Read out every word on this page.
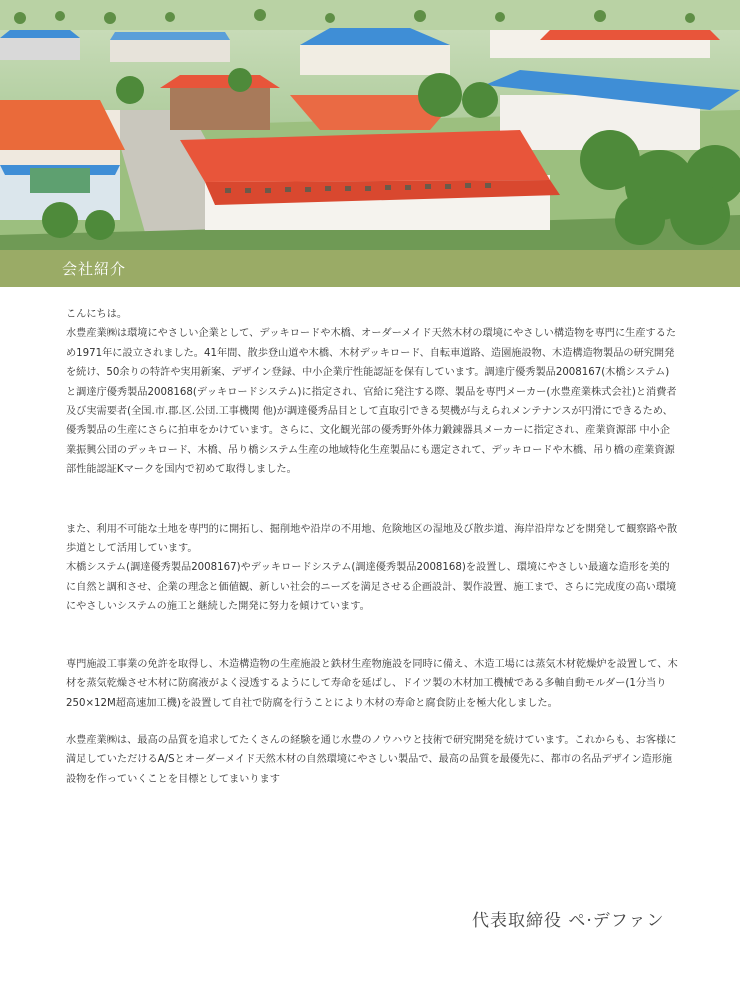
会社紹介

こんにちは。
水豊産業㈱は環境にやさしい企業として、デッキロードや木橋、オーダーメイド天然木材の環境にやさしい構造物を専門に生産するため1971年に設立されました。41年間、散歩登山道や木橋、木材デッキロード、自転車道路、造園施設物、木造構造物製品の研究開発を続け、50余りの特許や実用新案、デザイン登録、中小企業庁性能認証を保有しています。調達庁優秀製品2008167(木橋システム)と調達庁優秀製品2008168(デッキロードシステム)に指定され、官給に発注する際、製品を専門メーカー(水豊産業株式会社)と消費者及び実需要者(全国.市.郡.区.公団.工事機関 他)が調達優秀品目として直取引できる契機が与えられメンテナンスが円滑にできるため、優秀製品の生産にさらに拍車をかけています。さらに、文化観光部の優秀野外体力鍛錬器具メーカーに指定され、産業資源部 中小企業振興公団のデッキロード、木橋、吊り橋システム生産の地域特化生産製品にも選定されて、デッキロードや木橋、吊り橋の産業資源部性能認証Kマークを国内で初めて取得しました。

また、利用不可能な土地を専門的に開拓し、掘削地や沿岸の不用地、危険地区の湿地及び散歩道、海岸沿岸などを開発して観察路や散歩道として活用しています。
木橋システム(調達優秀製品2008167)やデッキロードシステム(調達優秀製品2008168)を設置し、環境にやさしい最適な造形を美的に自然と調和させ、企業の理念と価値観、新しい社会的ニーズを満足させる企画設計、製作設置、施工まで、さらに完成度の高い環境にやさしいシステムの施工と継続した開発に努力を傾けています。

専門施設工事業の免許を取得し、木造構造物の生産施設と鉄材生産物施設を同時に備え、木造工場には蒸気木材乾燥炉を設置して、木材を蒸気乾燥させ木材に防腐液がよく浸透するようにして寿命を延ばし、ドイツ製の木材加工機械である多軸自動モルダー(1分当り250×12M超高速加工機)を設置して自社で防腐を行うことにより木材の寿命と腐食防止を極大化しました。

水豊産業㈱は、最高の品質を追求してたくさんの経験を通じ水豊のノウハウと技術で研究開発を続けています。これからも、お客様に満足していただけるA/Sとオーダーメイド天然木材の自然環境にやさしい製品で、最高の品質を最優先に、都市の名品デザイン造形施設物を作っていくことを目標としてまいります

代表取締役 ペ·デファン
